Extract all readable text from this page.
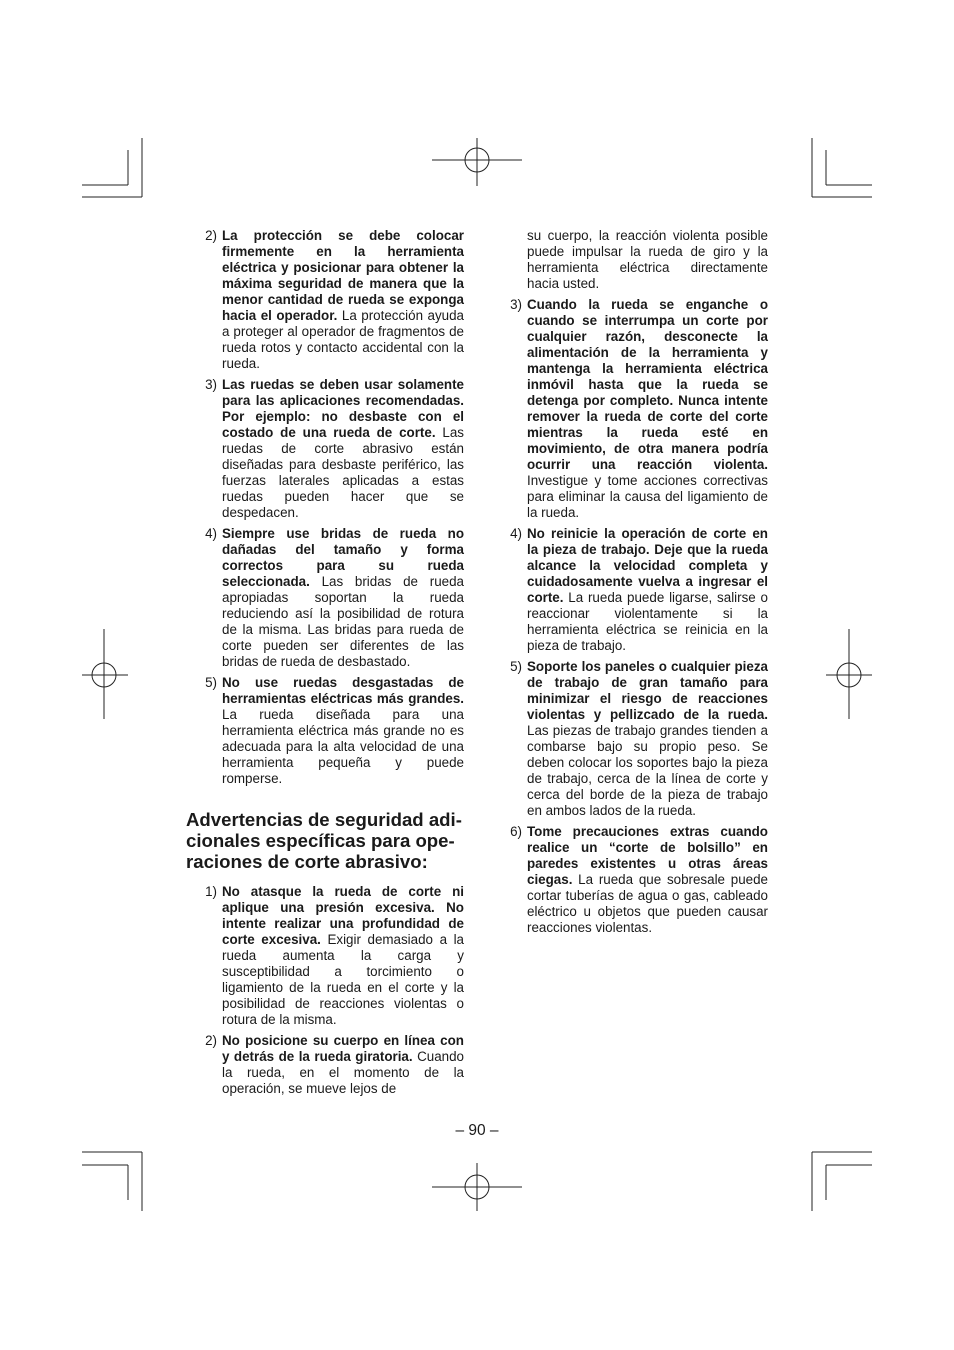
2) La protección se debe colocar firmemente en la herramienta eléctrica y posicionar para obtener la máxima seguridad de manera que la menor cantidad de rueda se exponga hacia el operador. La protección ayuda a proteger al operador de fragmentos de rueda rotos y contacto accidental con la rueda.
3) Las ruedas se deben usar solamente para las aplicaciones recomendadas. Por ejemplo: no desbaste con el costado de una rueda de corte. Las ruedas de corte abrasivo están diseñadas para desbaste periférico, las fuerzas laterales aplicadas a estas ruedas pueden hacer que se despedacen.
4) Siempre use bridas de rueda no dañadas del tamaño y forma correctos para su rueda seleccionada. Las bridas de rueda apropiadas soportan la rueda reduciendo así la posibilidad de rotura de la misma. Las bridas para rueda de corte pueden ser diferentes de las bridas de rueda de desbastado.
5) No use ruedas desgastadas de herramientas eléctricas más grandes. La rueda diseñada para una herramienta eléctrica más grande no es adecuada para la alta velocidad de una herramienta pequeña y puede romperse.
Advertencias de seguridad adi-
cionales específicas para ope-
raciones de corte abrasivo:
1) No atasque la rueda de corte ni aplique una presión excesiva. No intente realizar una profundidad de corte excesiva. Exigir demasiado a la rueda aumenta la carga y susceptibilidad a torcimiento o ligamiento de la rueda en el corte y la posibilidad de reacciones violentas o rotura de la misma.
2) No posicione su cuerpo en línea con y detrás de la rueda giratoria. Cuando la rueda, en el momento de la operación, se mueve lejos de
su cuerpo, la reacción violenta posible puede impulsar la rueda de giro y la herramienta eléctrica directamente hacia usted.
3) Cuando la rueda se enganche o cuando se interrumpa un corte por cualquier razón, desconecte la alimentación de la herramienta y mantenga la herramienta eléctrica inmóvil hasta que la rueda se detenga por completo. Nunca intente remover la rueda de corte del corte mientras la rueda esté en movimiento, de otra manera podría ocurrir una reacción violenta. Investigue y tome acciones correctivas para eliminar la causa del ligamiento de la rueda.
4) No reinicie la operación de corte en la pieza de trabajo. Deje que la rueda alcance la velocidad completa y cuidadosamente vuelva a ingresar el corte. La rueda puede ligarse, salirse o reaccionar violentamente si la herramienta eléctrica se reinicia en la pieza de trabajo.
5) Soporte los paneles o cualquier pieza de trabajo de gran tamaño para minimizar el riesgo de reacciones violentas y pellizcado de la rueda. Las piezas de trabajo grandes tienden a combarse bajo su propio peso. Se deben colocar los soportes bajo la pieza de trabajo, cerca de la línea de corte y cerca del borde de la pieza de trabajo en ambos lados de la rueda.
6) Tome precauciones extras cuando realice un “corte de bolsillo” en paredes existentes u otras áreas ciegas. La rueda que sobresale puede cortar tuberías de agua o gas, cableado eléctrico u objetos que pueden causar reacciones violentas.
– 90 –
